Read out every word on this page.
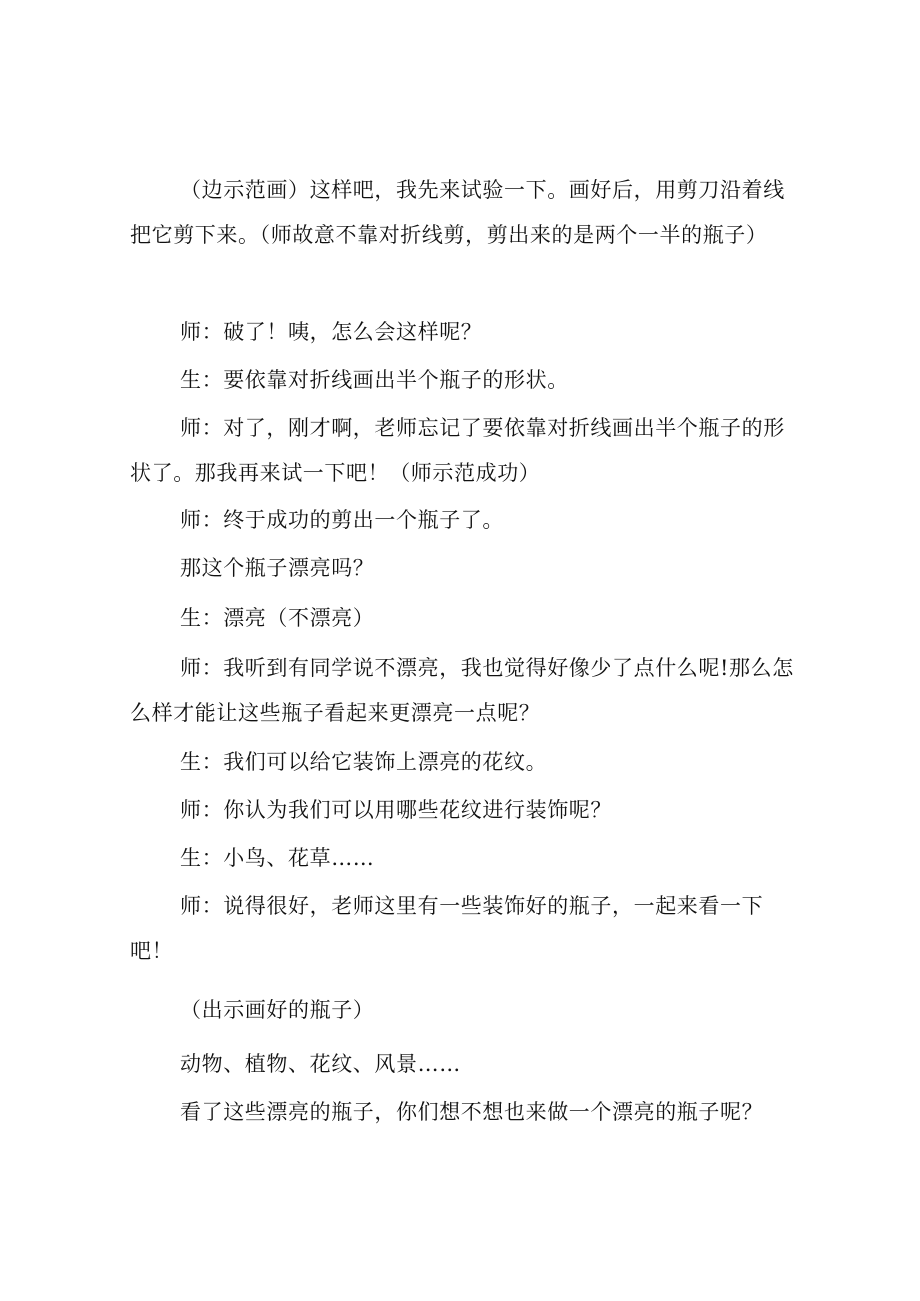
（边示范画）这样吧，我先来试验一下。画好后，用剪刀沿着线把它剪下来。（师故意不靠对折线剪，剪出来的是两个一半的瓶子）

师：破了！咦，怎么会这样呢？

生：要依靠对折线画出半个瓶子的形状。

师：对了，刚才啊，老师忘记了要依靠对折线画出半个瓶子的形状了。那我再来试一下吧！（师示范成功）

师：终于成功的剪出一个瓶子了。

那这个瓶子漂亮吗？

生：漂亮（不漂亮）

师：我听到有同学说不漂亮，我也觉得好像少了点什么呢!那么怎么样才能让这些瓶子看起来更漂亮一点呢？

生：我们可以给它装饰上漂亮的花纹。

师：你认为我们可以用哪些花纹进行装饰呢？

生：小鸟、花草……

师：说得很好，老师这里有一些装饰好的瓶子，一起来看一下吧！

（出示画好的瓶子）

动物、植物、花纹、风景……

看了这些漂亮的瓶子，你们想不想也来做一个漂亮的瓶子呢？
